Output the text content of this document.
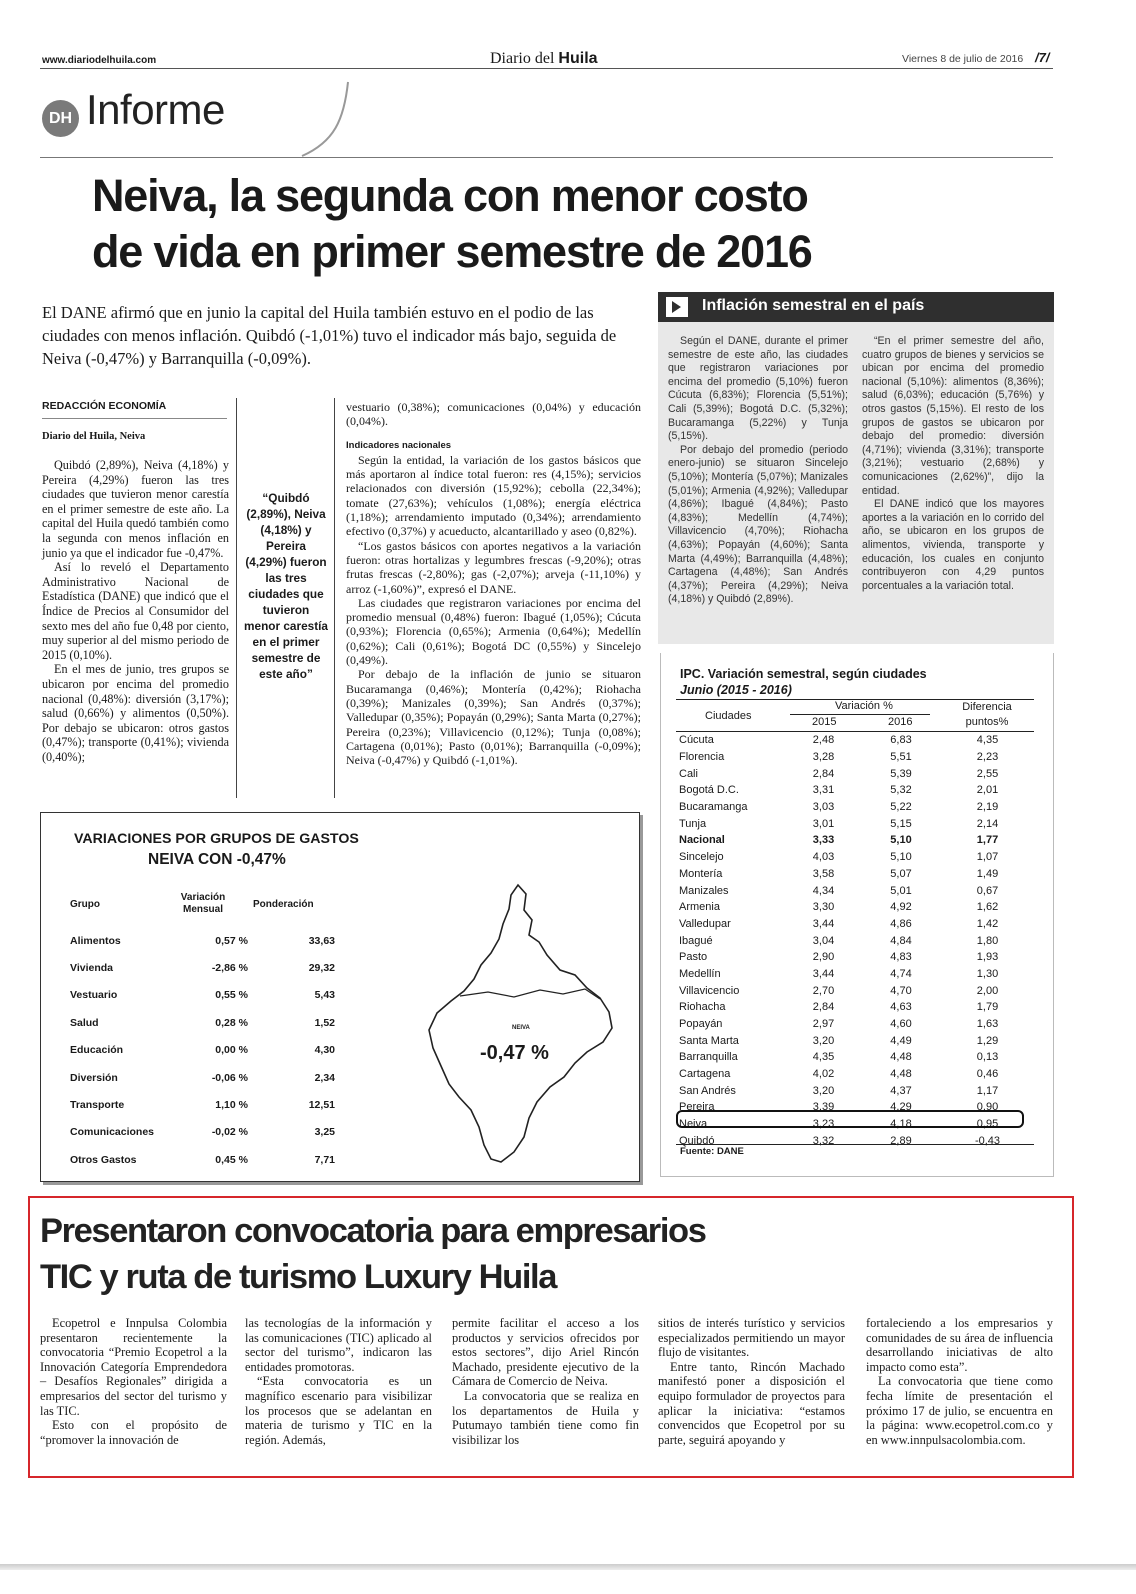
www.diariodelhuila.com	Diario del Huila	Viernes 8 de julio de 2016 /7/
DH Informe
Neiva, la segunda con menor costo
de vida en primer semestre de 2016
El DANE afirmó que en junio la capital del Huila también estuvo en el podio de las ciudades con menos inflación. Quibdó (-1,01%) tuvo el indicador más bajo, seguida de Neiva (-0,47%) y Barranquilla (-0,09%).
REDACCIÓN ECONOMÍA
Diario del Huila, Neiva

Quibdó (2,89%), Neiva (4,18%) y Pereira (4,29%) fueron las tres ciudades que tuvieron menor carestía en el primer semestre de este año. La capital del Huila quedó también como la segunda con menos inflación en junio ya que el indicador fue -0,47%.

Así lo reveló el Departamento Administrativo Nacional de Estadística (DANE) que indicó que el Índice de Precios al Consumidor del sexto mes del año fue 0,48 por ciento, muy superior al del mismo periodo de 2015 (0,10%).

En el mes de junio, tres grupos se ubicaron por encima del promedio nacional (0,48%): diversión (3,17%); salud (0,66%) y alimentos (0,50%). Por debajo se ubicaron: otros gastos (0,47%); transporte (0,41%); vivienda (0,40%);

“Quibdó (2,89%), Neiva (4,18%) y Pereira (4,29%) fueron las tres ciudades que tuvieron menor carestía en el primer semestre de este año”
vestuario (0,38%); comunicaciones (0,04%) y educación (0,04%).
Indicadores nacionales

Según la entidad, la variación de los gastos básicos que más aportaron al índice total fueron: res (4,15%); servicios relacionados con diversión (15,92%); cebolla (22,34%); tomate (27,63%); vehículos (1,08%); energía eléctrica (1,18%); arrendamiento imputado (0,34%); arrendamiento efectivo (0,37%) y acueducto, alcantarillado y aseo (0,82%).

“Los gastos básicos con aportes negativos a la variación fueron: otras hortalizas y legumbres frescas (-9,20%); otras frutas frescas (-2,80%); gas (-2,07%); arveja (-11,10%) y arroz (-1,60%)”, expresó el DANE.

Las ciudades que registraron variaciones por encima del promedio mensual (0,48%) fueron: Ibagué (1,05%); Cúcuta (0,93%); Florencia (0,65%); Armenia (0,64%); Medellín (0,62%); Cali (0,61%); Bogotá DC (0,55%) y Sincelejo (0,49%).

Por debajo de la inflación de junio se situaron Bucaramanga (0,46%); Montería (0,42%); Riohacha (0,39%); Manizales (0,39%); San Andrés (0,37%); Valledupar (0,35%); Popayán (0,29%); Santa Marta (0,27%); Pereira (0,23%); Villavicencio (0,12%); Tunja (0,08%); Cartagena (0,01%); Pasto (0,01%); Barranquilla (-0,09%); Neiva (-0,47%) y Quibdó (-1,01%).

Inflación semestral en el país

Según el DANE, durante el primer semestre de este año, las ciudades que registraron variaciones por encima del promedio (5,10%) fueron Cúcuta (6,83%); Florencia (5,51%); Cali (5,39%); Bogotá D.C. (5,32%); Bucaramanga (5,22%) y Tunja (5,15%).

Por debajo del promedio (periodo enero-junio) se situaron Sincelejo (5,10%); Montería (5,07%); Manizales (5,01%); Armenia (4,92%); Valledupar (4,86%); Ibagué (4,84%); Pasto (4,83%); Medellín (4,74%); Villavicencio (4,70%); Riohacha (4,63%); Popayán (4,60%); Santa Marta (4,49%); Barranquilla (4,48%); Cartagena (4,48%); San Andrés (4,37%); Pereira (4,29%); Neiva (4,18%) y Quibdó (2,89%).

“En el primer semestre del año, cuatro grupos de bienes y servicios se ubican por encima del promedio nacional (5,10%): alimentos (8,36%); salud (6,03%); educación (5,76%) y otros gastos (5,15%). El resto de los grupos de gastos se ubicaron por debajo del promedio: diversión (4,71%); vivienda (3,31%); transporte (3,21%); vestuario (2,68%) y comunicaciones (2,62%)”, dijo la entidad.

El DANE indicó que los mayores aportes a la variación en lo corrido del año, se ubicaron en los grupos de alimentos, vivienda, transporte y educación, los cuales en conjunto contribuyeron con 4,29 puntos porcentuales a la variación total.

IPC. Variación semestral, según ciudades
Junio (2015 - 2016)
Ciudades
Variación %
2015	2016
Diferencia puntos%
Cúcuta	2,48	6,83	4,35
Florencia	3,28	5,51	2,23
Cali	2,84	5,39	2,55
Bogotá D.C.	3,31	5,32	2,01
Bucaramanga	3,03	5,22	2,19
Tunja	3,01	5,15	2,14
Nacional	3,33	5,10	1,77
Sincelejo	4,03	5,10	1,07
Montería	3,58	5,07	1,49
Manizales	4,34	5,01	0,67
Armenia	3,30	4,92	1,62
Valledupar	3,44	4,86	1,42
Ibagué	3,04	4,84	1,80
Pasto	2,90	4,83	1,93
Medellín	3,44	4,74	1,30
Villavicencio	2,70	4,70	2,00
Riohacha	2,84	4,63	1,79
Popayán	2,97	4,60	1,63
Santa Marta	3,20	4,49	1,29
Barranquilla	4,35	4,48	0,13
Cartagena	4,02	4,48	0,46
San Andrés	3,20	4,37	1,17
Pereira	3,39	4,29	0,90
Neiva	3,23	4,18	0,95
Quibdó	3,32	2,89	-0,43
Fuente: DANE
VARIACIONES POR GRUPOS DE GASTOS
NEIVA CON -0,47%
Grupo
Variación Mensual	Ponderación
Alimentos	0,57 %	33,63
Vivienda	-2,86 %	29,32
Vestuario	0,55 %	5,43
Salud	0,28 %	1,52
Educación	0,00 %	4,30
Diversión	-0,06 %	2,34
Transporte	1,10 %	12,51
Comunicaciones	-0,02 %	3,25
Otros Gastos	0,45 %	7,71
NEIVA
-0,47 %
Presentaron convocatoria para empresarios
TIC y ruta de turismo Luxury Huila

Ecopetrol e Innpulsa Colombia presentaron recientemente la convocatoria “Premio Ecopetrol a la Innovación Categoría Emprendedora – Desafíos Regionales” dirigida a empresarios del sector del turismo y las TIC.

Esto con el propósito de “promover la innovación de

las tecnologías de la información y las comunicaciones (TIC) aplicado al sector del turismo”, indicaron las entidades promotoras.

“Esta convocatoria es un magnífico escenario para visibilizar los procesos que se adelantan en materia de turismo y TIC en la región. Además,

permite facilitar el acceso a los productos y servicios ofrecidos por estos sectores”, dijo Ariel Rincón Machado, presidente ejecutivo de la Cámara de Comercio de Neiva.

La convocatoria que se realiza en los departamentos de Huila y Putumayo también tiene como fin visibilizar los

sitios de interés turístico y servicios especializados permitiendo un mayor flujo de visitantes.

Entre tanto, Rincón Machado manifestó poner a disposición el equipo formulador de proyectos para aplicar la iniciativa: “estamos convencidos que Ecopetrol por su parte, seguirá apoyando y

fortaleciendo a los empresarios y comunidades de su área de influencia desarrollando iniciativas de alto impacto como esta”.

La convocatoria que tiene como fecha límite de presentación el próximo 17 de julio, se encuentra en la página: www.ecopetrol.com.co y en www.innpulsacolombia.com.
